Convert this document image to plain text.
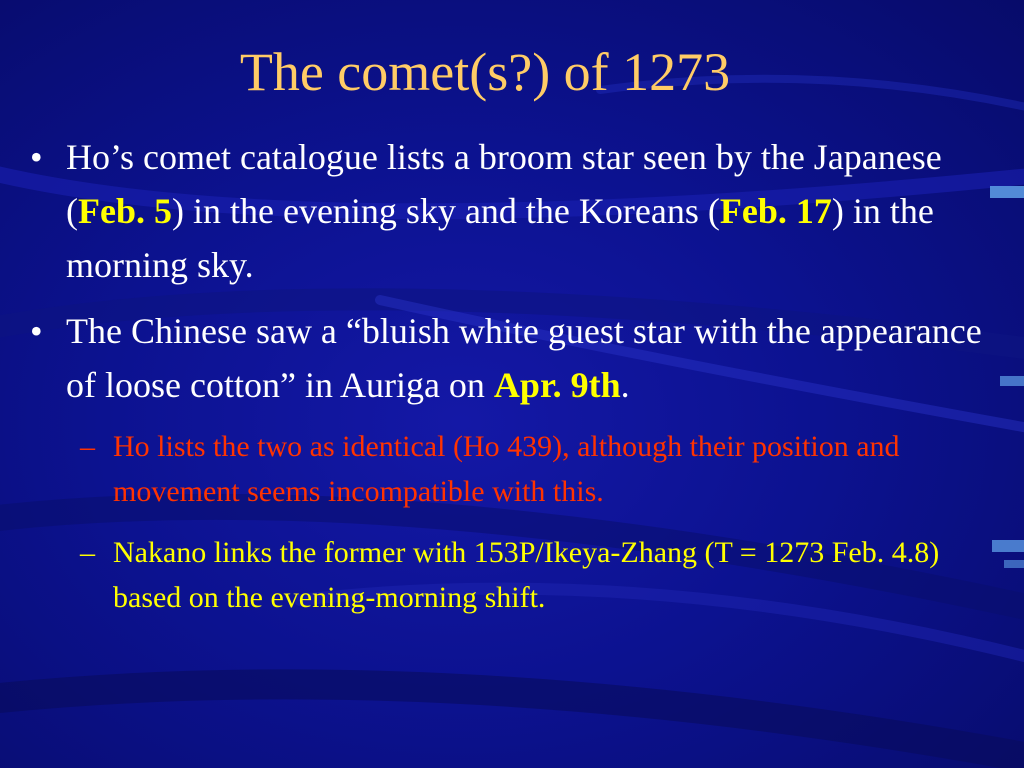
The comet(s?) of 1273
• Ho’s comet catalogue lists a broom star seen by the Japanese (Feb. 5) in the evening sky and the Koreans (Feb. 17) in the morning sky.
• The Chinese saw a “bluish white guest star with the appearance of loose cotton” in Auriga on Apr. 9th.
– Ho lists the two as identical (Ho 439), although their position and movement seems incompatible with this.
– Nakano links the former with 153P/Ikeya-Zhang (T = 1273 Feb. 4.8) based on the evening-morning shift.
